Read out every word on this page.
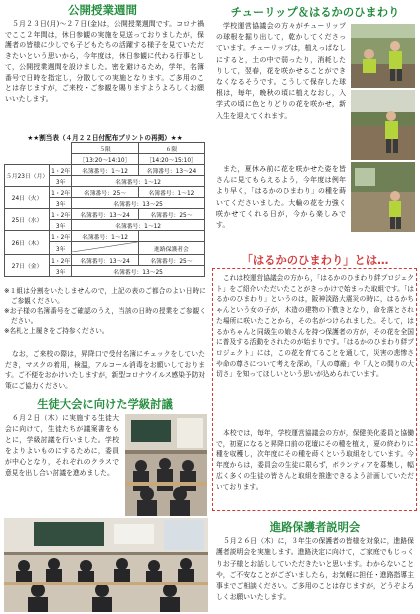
公開授業週間
５月２３日(月)～２７日(金)は，公開授業週間です。コロナ禍でここ２年間は，休日参観の実施を見送っておりましたが，保護者の皆様に少しでも子どもたちの活躍する様子を見ていただきたいという思いから，今年度は，休日参観に代わる行事として，公開授業週間を設けました。密を避けるため，学年，名簿番号で日時を指定し，分散しての実施となります。ご多用のことは存じますが，ご来校・ご参観を賜りますようよろしくお願いいたします。
★★割当表（４月２２日付配布プリントの再掲）★★
		５限	６限
		［13:20～14:10］	［14:20～15:10］
５月23日（月）	1・2年	名簿番号：1～12	名簿番号：13～24
	3年	名簿番号：1～12	
24日（火）	1・2年	名簿番号：25～	名簿番号：1～12
	3年	名簿番号：13～25	
25日（水）	1・2年	名簿番号：13～24	名簿番号：25～
	3年	名簿番号：1～12	
26日（木）	1・2年	名簿番号：1～12	
	3年		進路保護者会
27日（金）	1・2年	名簿番号：13～24	名簿番号：25～
	3年	名簿番号：13～25	
※１組は分割をいたしませんので，上記の表のご都合のよい日時にご参観ください。
※お子様の名簿番号をご確認のうえ，当該の日時の授業をご参観ください。
※名札と上履きをご持参ください。
なお，ご来校の際は，昇降口で受付名簿にチェックをしていただき，マスクの着用，検温，アルコール消毒をお願いしております。ご不便をおかけいたしますが，新型コロナウイルス感染予防対策にご協力ください。
生徒大会に向けた学級討議
６月２日（木）に実施する生徒大会に向けて，生徒たちが議案書をもとに，学級討議を行いました。学校をよりよいものにするために，委員が中心となり，それぞれのクラスで意見を出し合い討議を進めました。
チューリップ＆はるかのひまわり
学校運営協議会の方々がチューリップの球根を掘り出して，乾かしてくださっています。チューリップは，植えっぱなしにすると，土の中で弱ったり，消耗したりして，翌春，花を咲かせることができなくなるそうです。こうして保存した球根は，毎年，晩秋の頃に植えなおし，入学式の頃に色とりどりの花を咲かせ，新入生を迎えてくれます。
また，夏休み前に花を咲かせた姿を皆さんに見てもらえるよう，今年度は例年より早く，「はるかのひまわり」の種を蒔いてくださいました。大輪の花を力強く咲かせてくれる日が，今から楽しみです。
「はるかのひまわり」とは…
これは校運営協議会の方から，「はるかのひまわり絆プロジェクト」をご紹介いただいたことがきっかけで始まった取組です。「はるかのひまわり」というのは，阪神淡路大震災の時に，はるかちゃんという女の子が，木造の建物の下敷きとなり，命を落とされた場所に咲いたことから，その名がつけられました。そして，はるかちゃんと同級生の娘さんを持つ保護者の方が，その花を全国に普及する活動をされたのが始まりです。「はるかのひまわり絆プロジェクト」には，この花を育てることを通して，災害の悲惨さや命の尊さについて考えを深め，「人の尊厳」や「人との間りの大切さ」を知ってほしいという思いが込められています。
本校では，毎年，学校運営協議会の方が，保健美化委員と協働で，初夏になると昇降口前の花壇にその種を植え，夏の終わりに種を収穫し，次年度にその種を蒔くという取組をしています。今年度からは，委員会の生徒に限らず，ボランティアを募集し，幅広く多くの生徒の皆さんと取組を推進できるよう計画していただいております。
進路保護者説明会
５月２６日（木）に，３年生の保護者の皆様を対象に，進路保護者説明会を実施します。進路決定に向けて，ご家庭でもじっくりお子様とお話ししていただきたいと思います。わからないことや，ご不安なことがございましたら，お気軽に担任・進路指導主事までご相談ください。ご多用のことは存じますが，どうぞよろしくお願いいたします。
